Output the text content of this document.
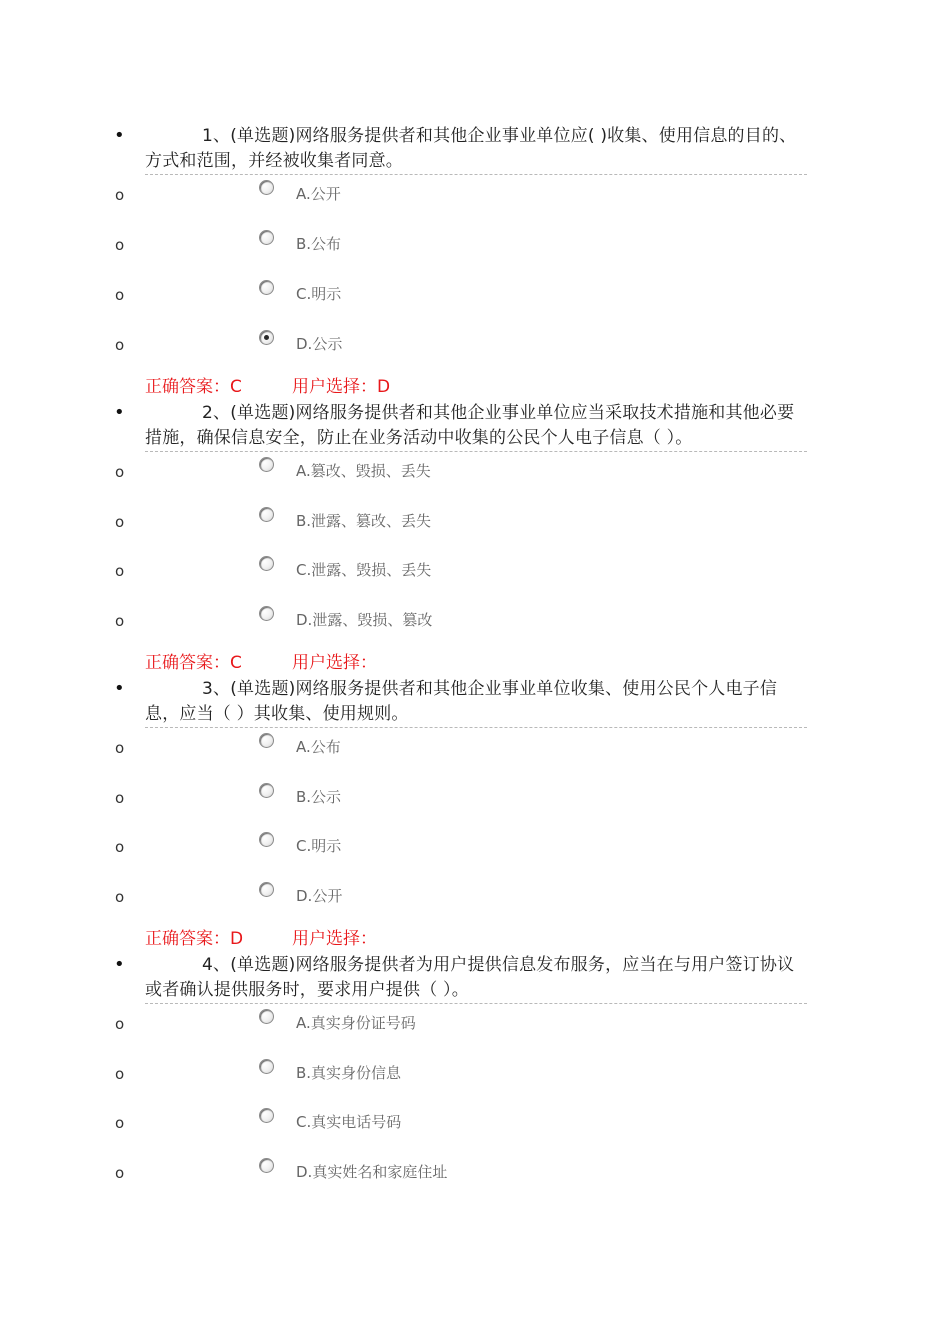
•	1、(单选题)网络服务提供者和其他企业事业单位应( )收集、使用信息的目的、方式和范围，并经被收集者同意。

o	A.公开
o	B.公布
o	C.明示
o	D.公示
正确答案：C	用户选择：D
•	2、(单选题)网络服务提供者和其他企业事业单位应当采取技术措施和其他必要措施，确保信息安全，防止在业务活动中收集的公民个人电子信息（ ）。

o	A.篡改、毁损、丢失
o	B.泄露、篡改、丢失
o	C.泄露、毁损、丢失
o	D.泄露、毁损、篡改
正确答案：C	用户选择：
•	3、(单选题)网络服务提供者和其他企业事业单位收集、使用公民个人电子信息，应当（ ）其收集、使用规则。

o	A.公布
o	B.公示
o	C.明示
o	D.公开
正确答案：D	用户选择：
•	4、(单选题)网络服务提供者为用户提供信息发布服务，应当在与用户签订协议或者确认提供服务时，要求用户提供（ ）。

o	A.真实身份证号码
o	B.真实身份信息
o	C.真实电话号码
o	D.真实姓名和家庭住址
